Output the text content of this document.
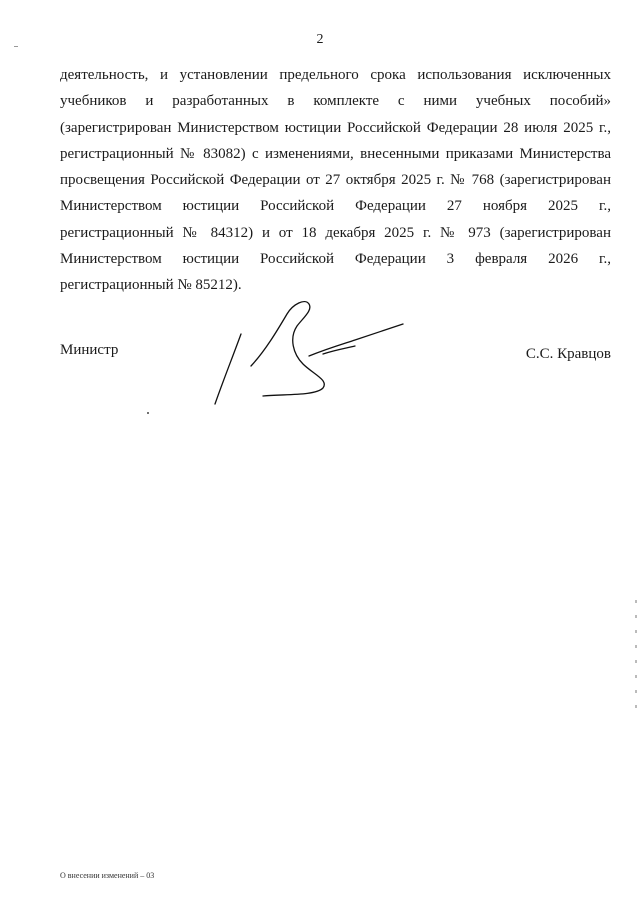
2
деятельность, и установлении предельного срока использования исключенных
учебников и разработанных в комплекте с ними учебных пособий»
(зарегистрирован Министерством юстиции Российской Федерации 28 июля 2025 г.,
регистрационный № 83082) с изменениями, внесенными приказами Министерства
просвещения Российской Федерации от 27 октября 2025 г. № 768 (зарегистрирован
Министерством юстиции Российской Федерации 27 ноября 2025 г.,
регистрационный № 84312) и от 18 декабря 2025 г. № 973 (зарегистрирован
Министерством юстиции Российской Федерации 3 февраля 2026 г.,
регистрационный № 85212).
Министр	С.С. Кравцов
О внесении изменений – 03
